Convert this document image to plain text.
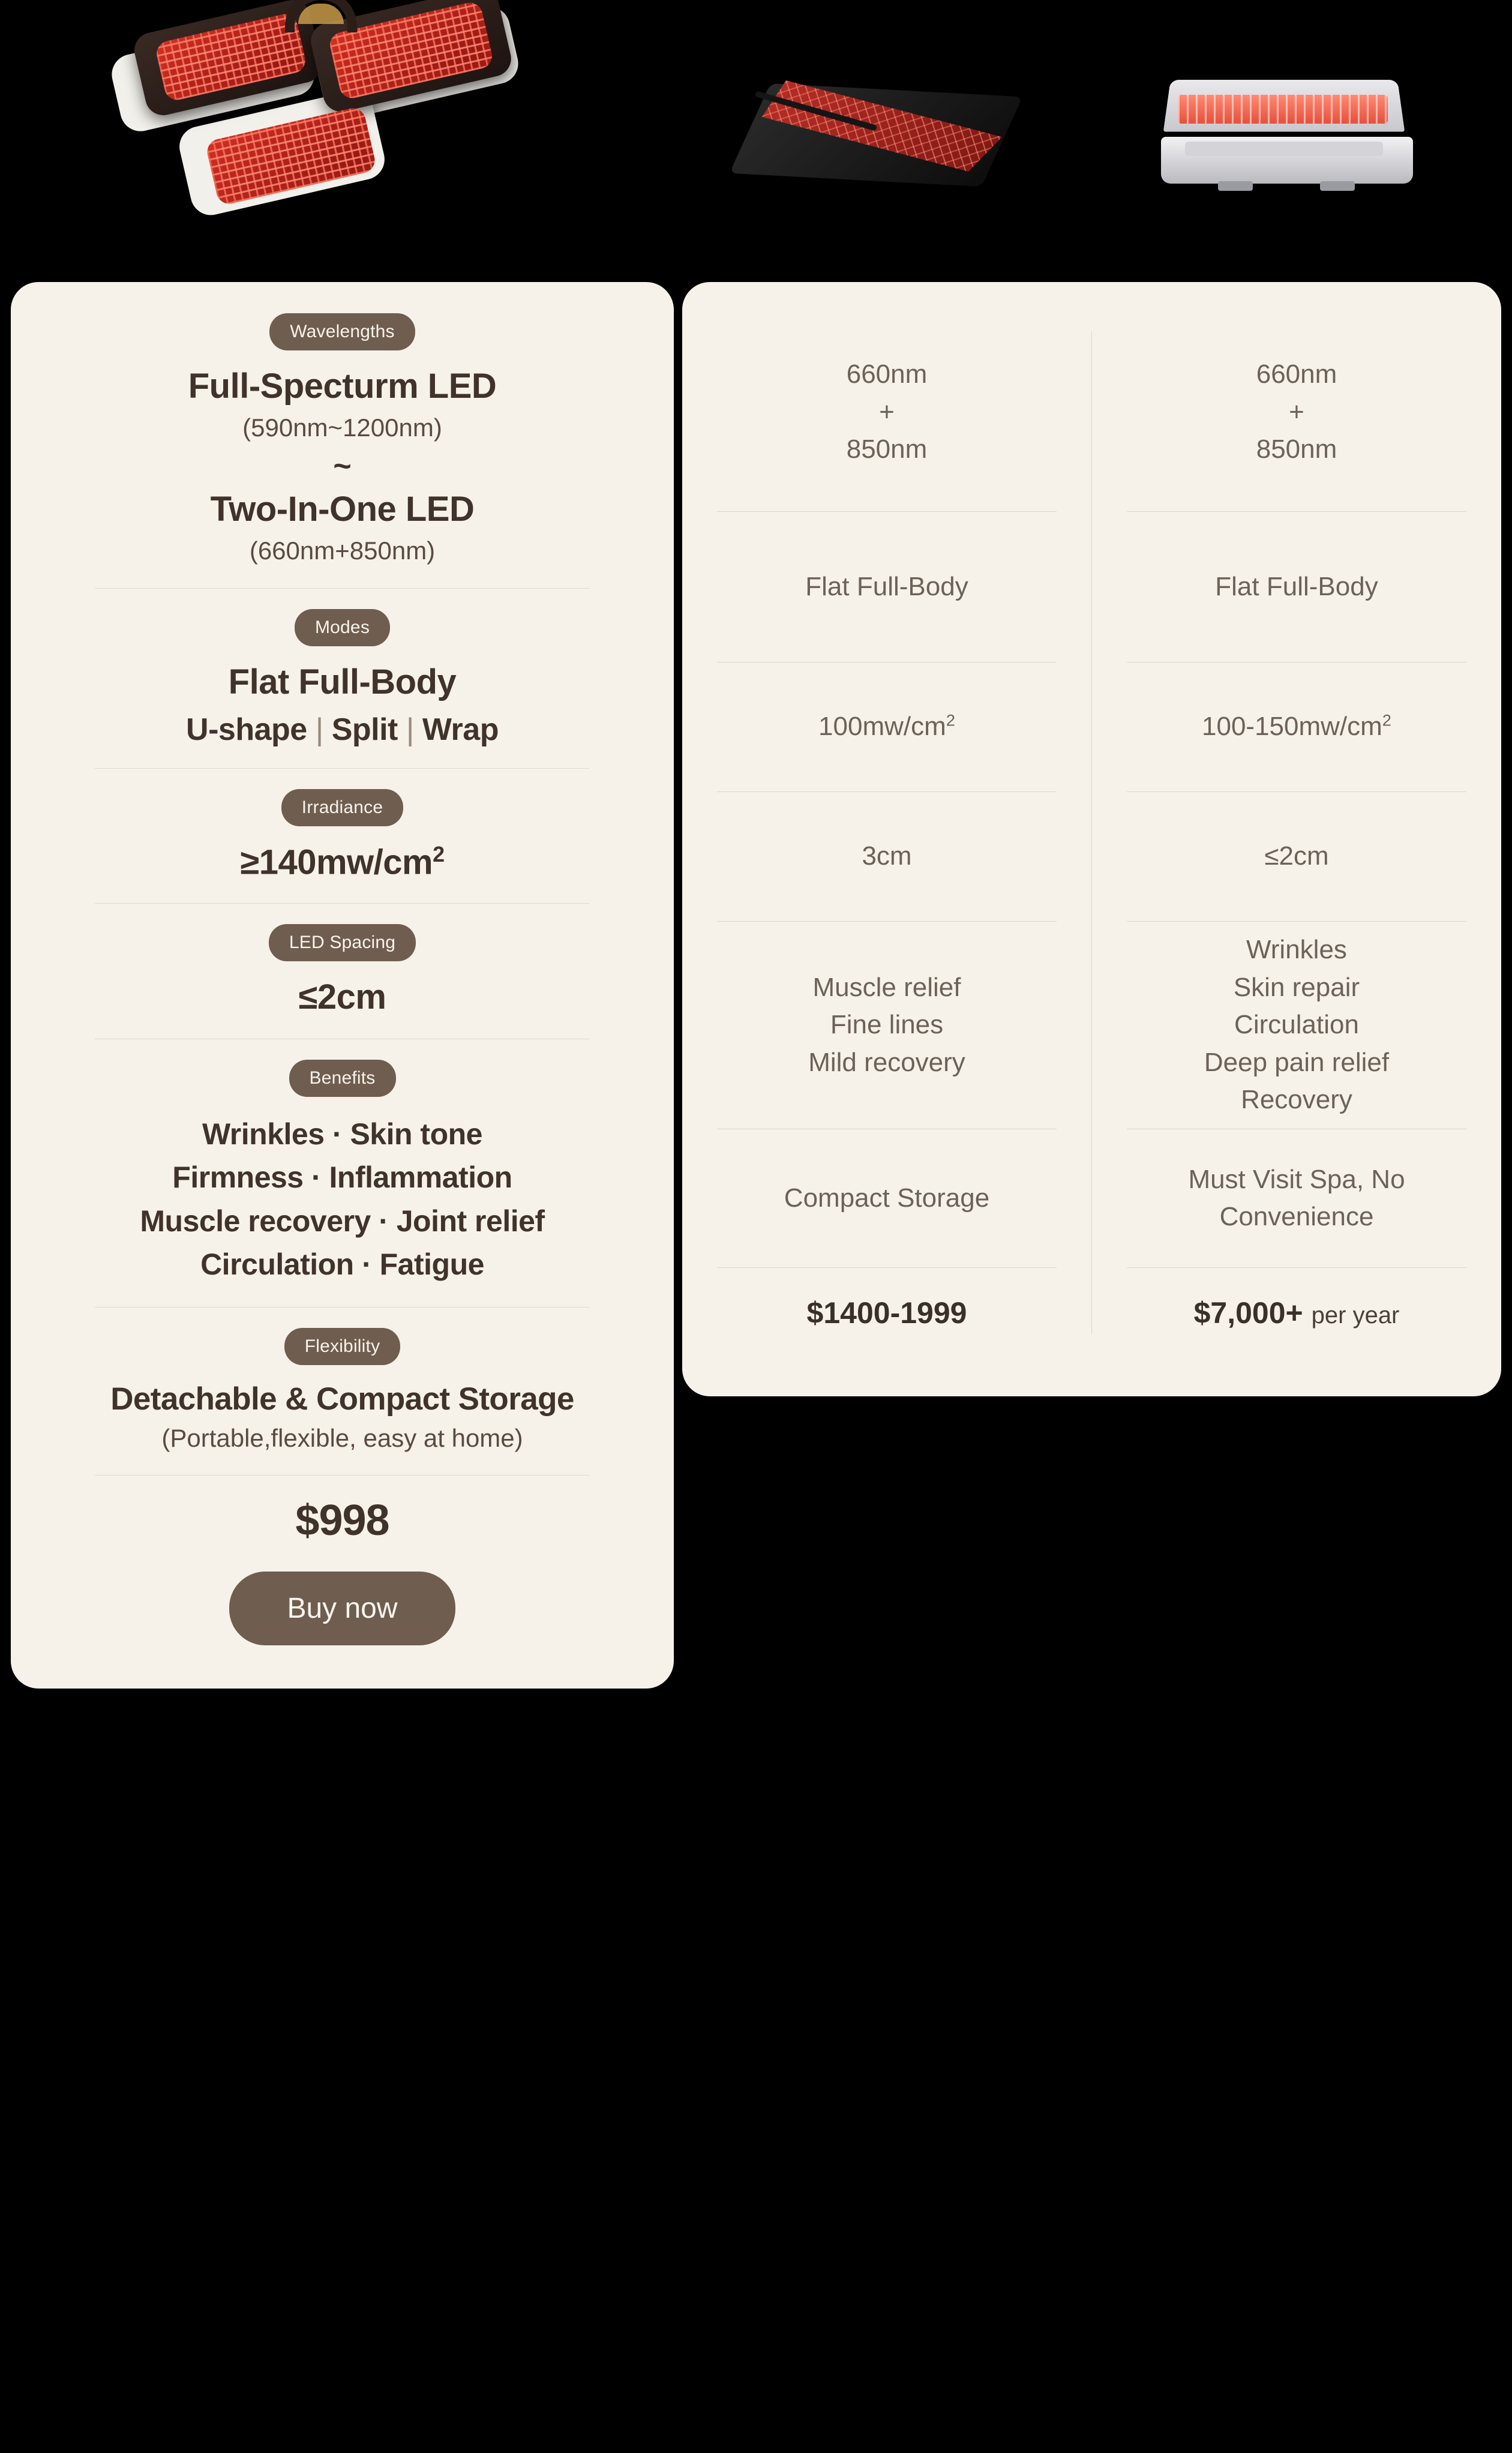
Wavelengths
Full-Specturm LED
(590nm~1200nm)
~
Two-In-One LED
(660nm+850nm)
Modes
Flat Full-Body
U-shape | Split | Wrap
Irradiance
$\ge 140mw/cm^2$
LED Spacing
≤2cm
Benefits
Wrinkles · Skin tone
Firmness · Inflammation
Muscle recovery · Joint relief
Circulation · Fatigue
Flexibility
Detachable & Compact Storage
(Portable,flexible, easy at home)
$998
Buy now
660nm
+
850nm
Flat Full-Body
$100mw/cm^2$
3cm
Muscle relief
Fine lines
Mild recovery
Compact Storage
$1400-1999
660nm
+
850nm
Flat Full-Body
$100-150mw/cm^2$
≤2cm
Wrinkles
Skin repair
Circulation
Deep pain relief
Recovery
Must Visit Spa, No
Convenience
$7,000+ per year
